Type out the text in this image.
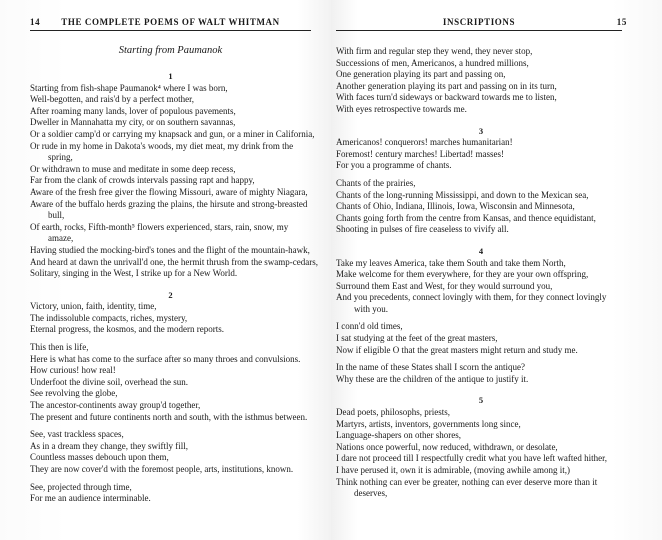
14	THE COMPLETE POEMS OF WALT WHITMAN
Starting from Paumanok
1
Starting from fish-shape Paumanok⁴ where I was born,
Well-begotten, and rais'd by a perfect mother,
After roaming many lands, lover of populous pavements,
Dweller in Mannahatta my city, or on southern savannas,
Or a soldier camp'd or carrying my knapsack and gun, or a miner in California,
Or rude in my home in Dakota's woods, my diet meat, my drink from the
spring,
Or withdrawn to muse and meditate in some deep recess,
Far from the clank of crowds intervals passing rapt and happy,
Aware of the fresh free giver the flowing Missouri, aware of mighty Niagara,
Aware of the buffalo herds grazing the plains, the hirsute and strong-breasted
bull,
Of earth, rocks, Fifth-month⁵ flowers experienced, stars, rain, snow, my
amaze,
Having studied the mocking-bird's tones and the flight of the mountain-hawk,
And heard at dawn the unrivall'd one, the hermit thrush from the swamp-cedars,
Solitary, singing in the West, I strike up for a New World.
2
Victory, union, faith, identity, time,
The indissoluble compacts, riches, mystery,
Eternal progress, the kosmos, and the modern reports.
This then is life,
Here is what has come to the surface after so many throes and convulsions.
How curious! how real!
Underfoot the divine soil, overhead the sun.
See revolving the globe,
The ancestor-continents away group'd together,
The present and future continents north and south, with the isthmus between.
See, vast trackless spaces,
As in a dream they change, they swiftly fill,
Countless masses debouch upon them,
They are now cover'd with the foremost people, arts, institutions, known.
See, projected through time,
For me an audience interminable.
INSCRIPTIONS	15
With firm and regular step they wend, they never stop,
Successions of men, Americanos, a hundred millions,
One generation playing its part and passing on,
Another generation playing its part and passing on in its turn,
With faces turn'd sideways or backward towards me to listen,
With eyes retrospective towards me.
3
Americanos! conquerors! marches humanitarian!
Foremost! century marches! Libertad! masses!
For you a programme of chants.
Chants of the prairies,
Chants of the long-running Mississippi, and down to the Mexican sea,
Chants of Ohio, Indiana, Illinois, Iowa, Wisconsin and Minnesota,
Chants going forth from the centre from Kansas, and thence equidistant,
Shooting in pulses of fire ceaseless to vivify all.
4
Take my leaves America, take them South and take them North,
Make welcome for them everywhere, for they are your own offspring,
Surround them East and West, for they would surround you,
And you precedents, connect lovingly with them, for they connect lovingly
with you.
I conn'd old times,
I sat studying at the feet of the great masters,
Now if eligible O that the great masters might return and study me.
In the name of these States shall I scorn the antique?
Why these are the children of the antique to justify it.
5
Dead poets, philosophs, priests,
Martyrs, artists, inventors, governments long since,
Language-shapers on other shores,
Nations once powerful, now reduced, withdrawn, or desolate,
I dare not proceed till I respectfully credit what you have left wafted hither,
I have perused it, own it is admirable, (moving awhile among it,)
Think nothing can ever be greater, nothing can ever deserve more than it
deserves,
